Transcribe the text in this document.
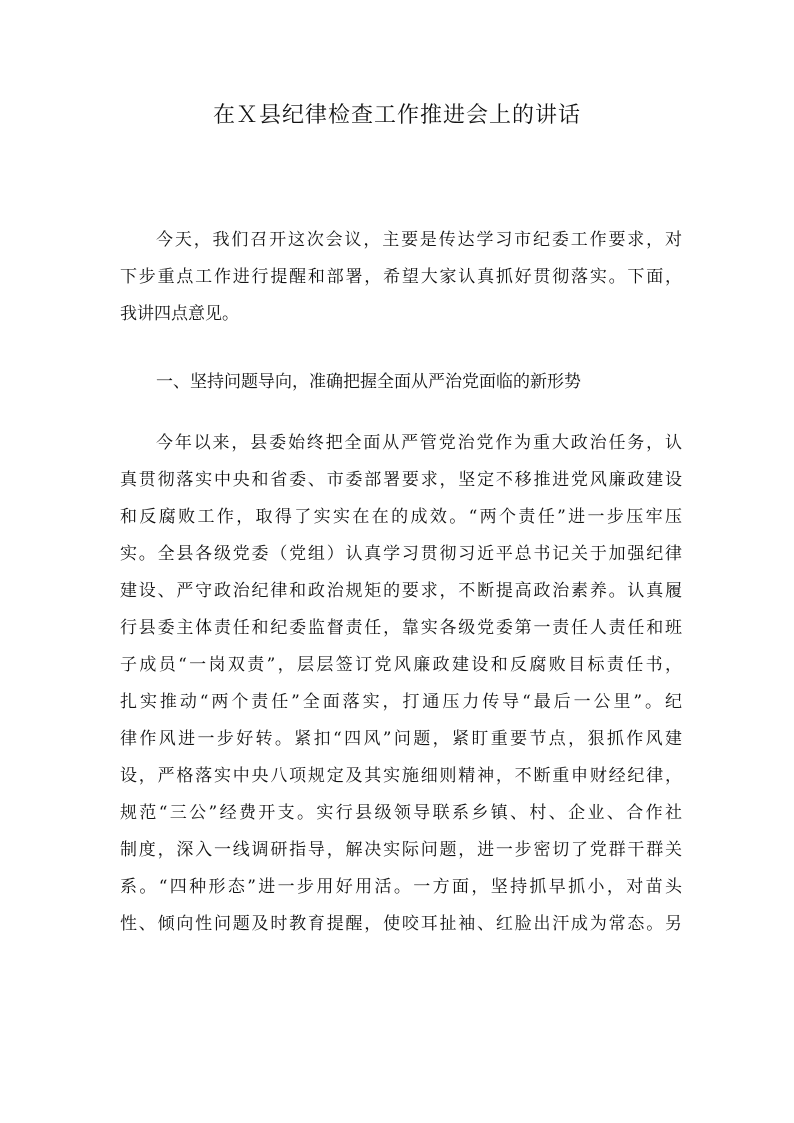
在Ｘ县纪律检查工作推进会上的讲话
今天，我们召开这次会议，主要是传达学习市纪委工作要求，对
下步重点工作进行提醒和部署，希望大家认真抓好贯彻落实。下面，
我讲四点意见。
一、坚持问题导向，准确把握全面从严治党面临的新形势
今年以来，县委始终把全面从严管党治党作为重大政治任务，认
真贯彻落实中央和省委、市委部署要求，坚定不移推进党风廉政建设
和反腐败工作，取得了实实在在的成效。“两个责任”进一步压牢压
实。全县各级党委（党组）认真学习贯彻习近平总书记关于加强纪律
建设、严守政治纪律和政治规矩的要求，不断提高政治素养。认真履
行县委主体责任和纪委监督责任，靠实各级党委第一责任人责任和班
子成员“一岗双责”，层层签订党风廉政建设和反腐败目标责任书，
扎实推动“两个责任”全面落实，打通压力传导“最后一公里”。纪
律作风进一步好转。紧扣“四风”问题，紧盯重要节点，狠抓作风建
设，严格落实中央八项规定及其实施细则精神，不断重申财经纪律，
规范“三公”经费开支。实行县级领导联系乡镇、村、企业、合作社
制度，深入一线调研指导，解决实际问题，进一步密切了党群干群关
系。“四种形态”进一步用好用活。一方面，坚持抓早抓小，对苗头
性、倾向性问题及时教育提醒，使咬耳扯袖、红脸出汗成为常态。另
